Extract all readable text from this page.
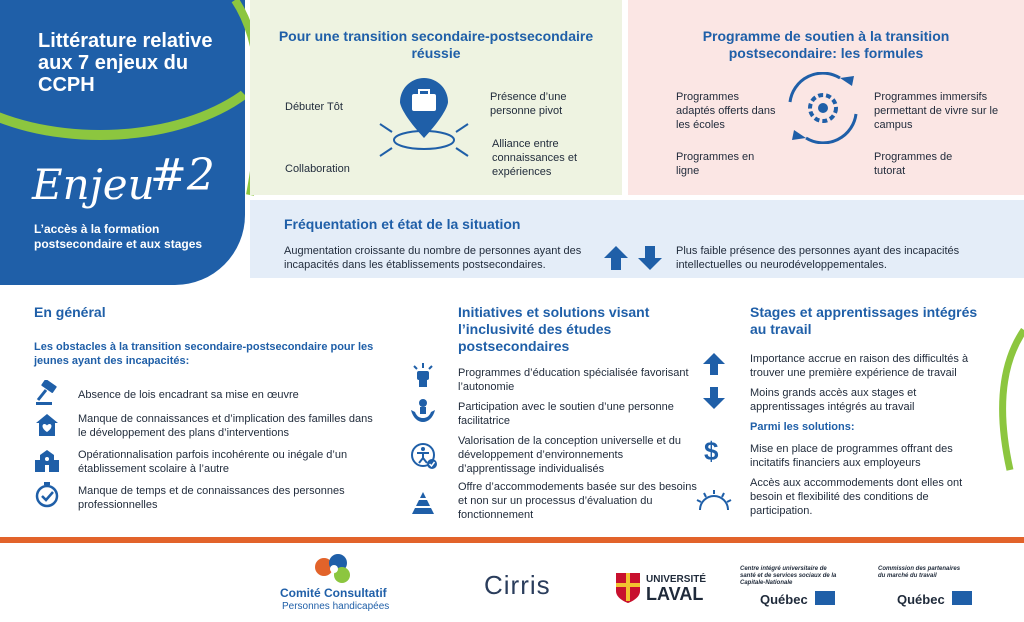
Littérature relative aux 7 enjeux du CCPH
Enjeu
#2
L’accès à la formation postsecondaire et aux stages
Pour une transition secondaire-postsecondaire réussie
Débuter Tôt
Présence d’une personne pivot
Collaboration
Alliance entre connaissances et expériences
Programme de soutien à la transition postsecondaire: les formules
Programmes adaptés offerts dans les écoles
Programmes immersifs permettant de vivre sur le campus
Programmes en ligne
Programmes de tutorat
Fréquentation et état de la situation
Augmentation croissante du nombre de personnes ayant des incapacités dans les établissements postsecondaires.
Plus faible présence des personnes ayant des incapacités intellectuelles ou neurodéveloppementales.
En général
Les obstacles à la transition secondaire-postsecondaire pour les jeunes ayant des incapacités:
Absence de lois encadrant sa mise en œuvre
Manque de connaissances et d’implication des familles dans le développement des plans d’interventions
Opérationnalisation parfois incohérente ou inégale d’un établissement scolaire à l’autre
Manque de temps et de connaissances des personnes professionnelles
Initiatives et solutions visant l’inclusivité des études postsecondaires
Programmes d’éducation spécialisée favorisant l’autonomie
Participation avec le soutien d’une personne facilitatrice
Valorisation de la conception universelle et du développement d’environnements d’apprentissage individualisés
Offre d’accommodements basée sur des besoins et non sur un processus d’évaluation du fonctionnement
Stages et apprentissages intégrés au travail
Importance accrue en raison des difficultés à trouver une première expérience de travail
Moins grands accès aux stages et apprentissages intégrés au travail
Parmi les solutions:
$	Mise en place de programmes offrant des incitatifs financiers aux employeurs
Accès aux accommodements dont elles ont besoin et flexibilité des conditions de participation.
Comité Consultatif
Personnes handicapées
Cirris	UNIVERSITÉ
LAVAL
Centre intégré universitaire de santé et de services sociaux de la Capitale-Nationale
Québec
Commission des partenaires du marché du travail
Québec
